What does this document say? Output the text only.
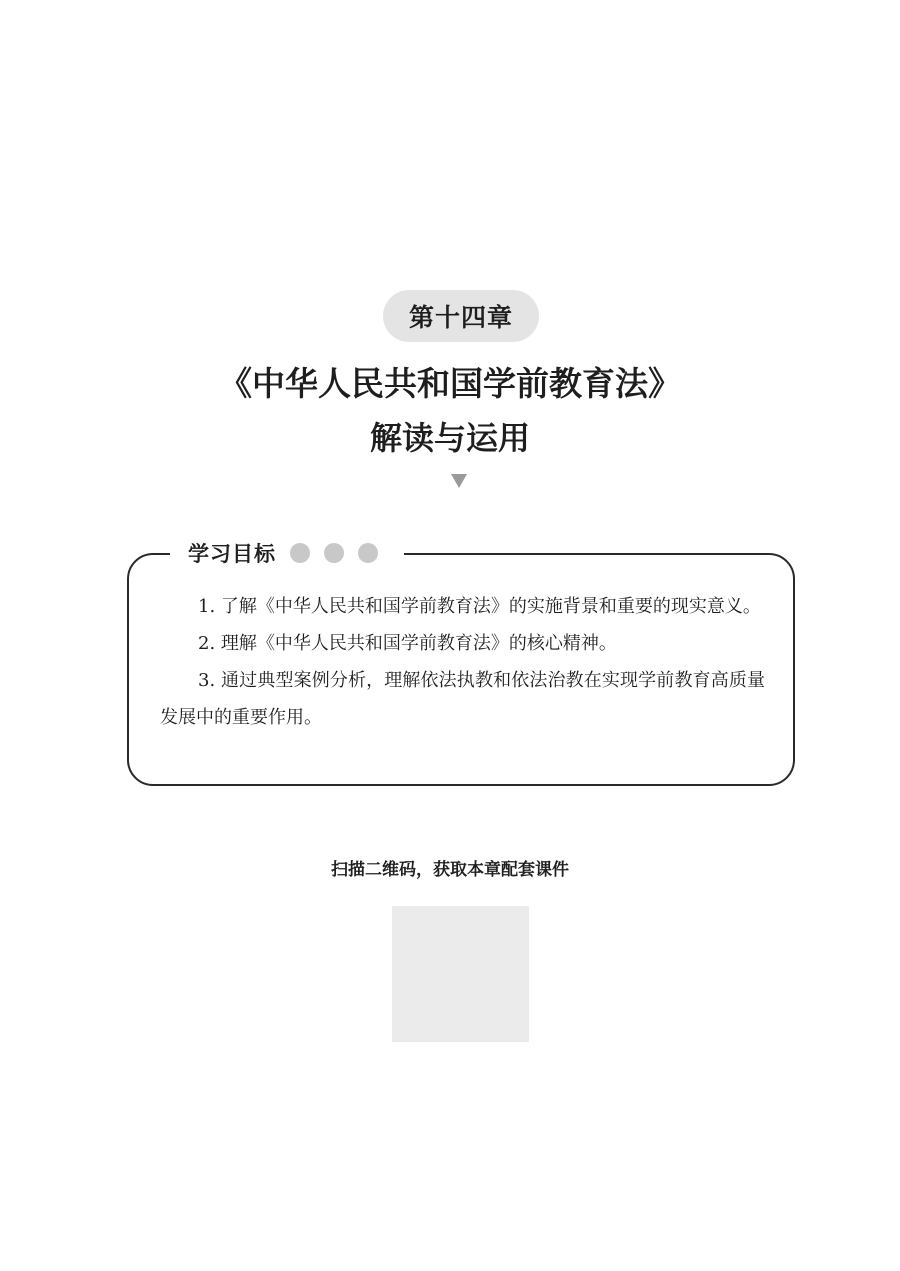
第十四章
《中华人民共和国学前教育法》
解读与运用
学习目标

1. 了解《中华人民共和国学前教育法》的实施背景和重要的现实意义。

2. 理解《中华人民共和国学前教育法》的核心精神。

3. 通过典型案例分析，理解依法执教和依法治教在实现学前教育高质量发展中的重要作用。

扫描二维码，获取本章配套课件
